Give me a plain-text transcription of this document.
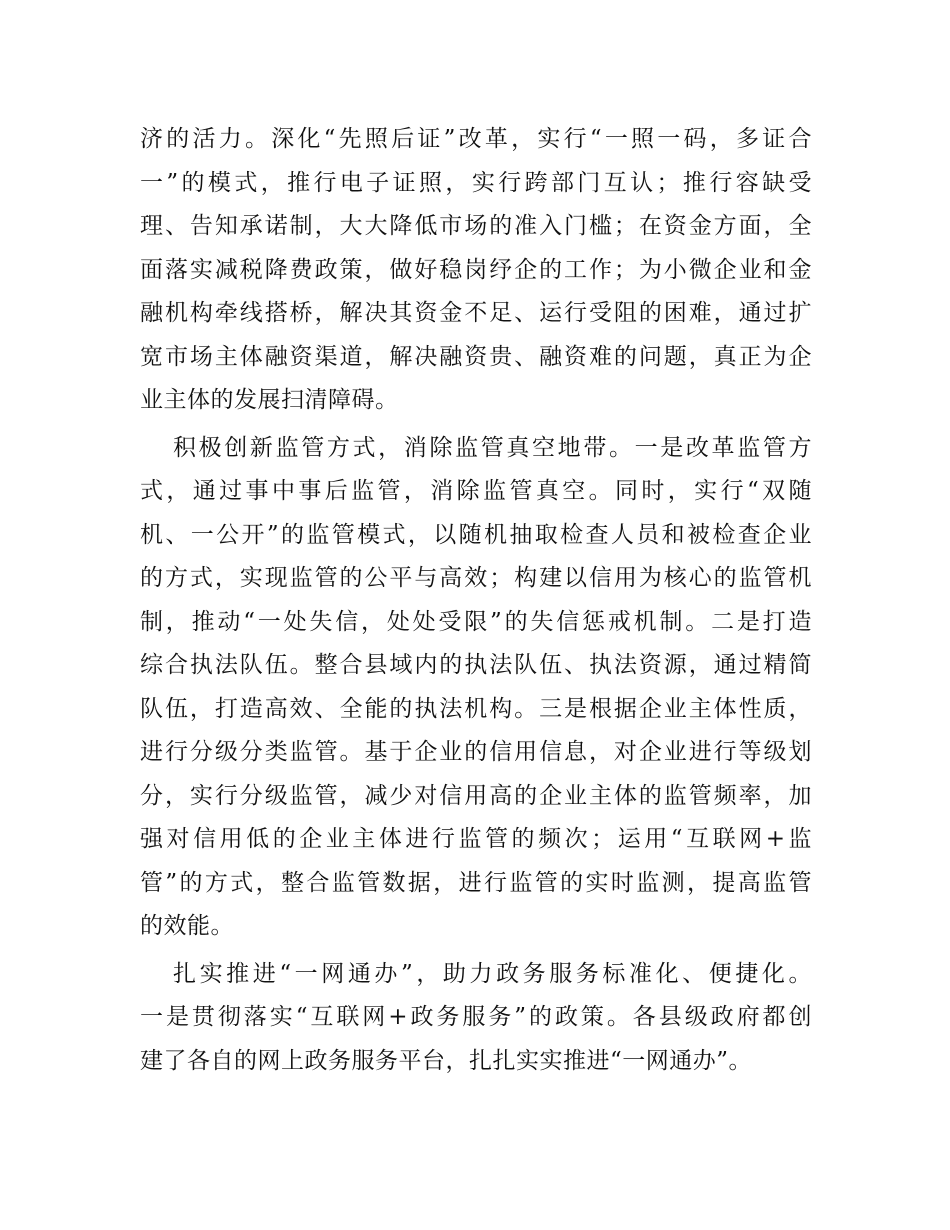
济的活力。深化“先照后证”改革，实行“一照一码，多证合
一”的模式，推行电子证照，实行跨部门互认；推行容缺受
理、告知承诺制，大大降低市场的准入门槛；在资金方面，全
面落实减税降费政策，做好稳岗纾企的工作；为小微企业和金
融机构牵线搭桥，解决其资金不足、运行受阻的困难，通过扩
宽市场主体融资渠道，解决融资贵、融资难的问题，真正为企
业主体的发展扫清障碍。
积极创新监管方式，消除监管真空地带。一是改革监管方
式，通过事中事后监管，消除监管真空。同时，实行“双随
机、一公开”的监管模式，以随机抽取检查人员和被检查企业
的方式，实现监管的公平与高效；构建以信用为核心的监管机
制，推动“一处失信，处处受限”的失信惩戒机制。二是打造
综合执法队伍。整合县域内的执法队伍、执法资源，通过精简
队伍，打造高效、全能的执法机构。三是根据企业主体性质，
进行分级分类监管。基于企业的信用信息，对企业进行等级划
分，实行分级监管，减少对信用高的企业主体的监管频率，加
强对信用低的企业主体进行监管的频次；运用“互联网+监
管”的方式，整合监管数据，进行监管的实时监测，提高监管
的效能。
扎实推进“一网通办”，助力政务服务标准化、便捷化。
一是贯彻落实“互联网+政务服务”的政策。各县级政府都创
建了各自的网上政务服务平台，扎扎实实推进“一网通办”。
